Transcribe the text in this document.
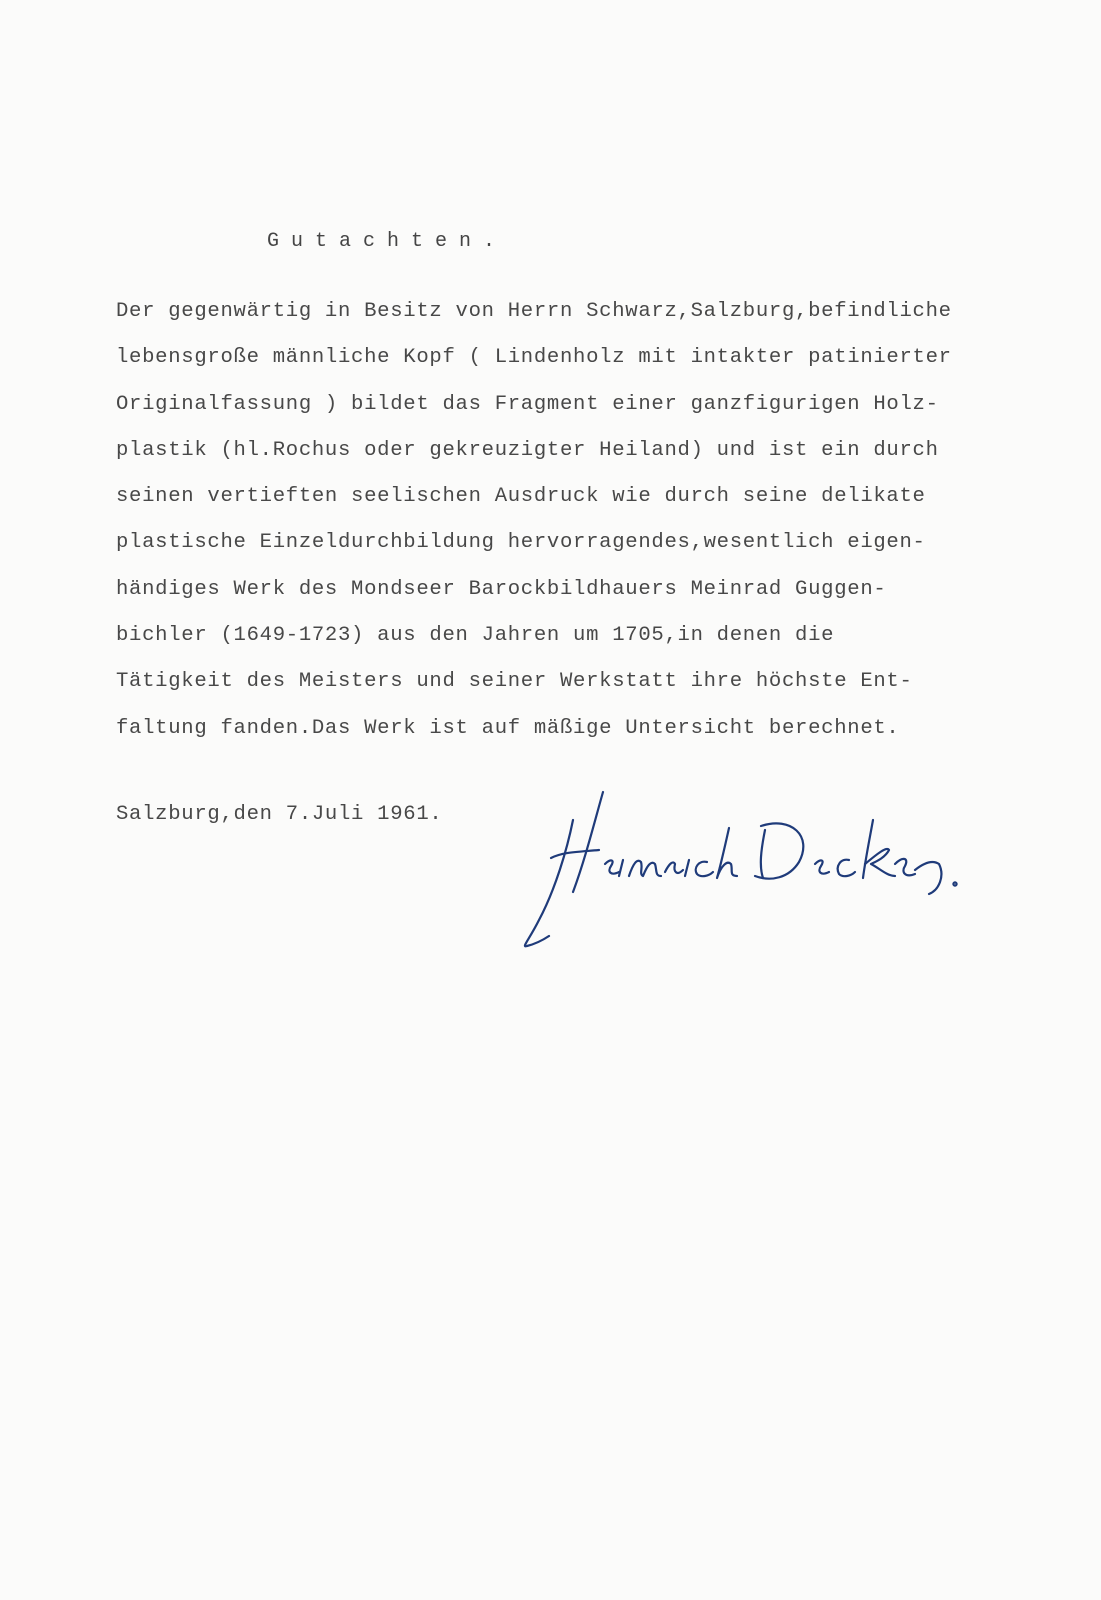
Gutachten.
Der gegenwärtig in Besitz von Herrn Schwarz,Salzburg,befindliche
lebensgroße männliche Kopf ( Lindenholz mit intakter patinierter
Originalfassung ) bildet das Fragment einer ganzfigurigen Holz-
plastik (hl.Rochus oder gekreuzigter Heiland) und ist ein durch
seinen vertieften seelischen Ausdruck wie durch seine delikate
plastische Einzeldurchbildung hervorragendes,wesentlich eigen-
händiges Werk des Mondseer Barockbildhauers Meinrad Guggen-
bichler (1649-1723) aus den Jahren um 1705,in denen die
Tätigkeit des Meisters und seiner Werkstatt ihre höchste Ent-
faltung fanden.Das Werk ist auf mäßige Untersicht berechnet.
Salzburg,den 7.Juli 1961.
